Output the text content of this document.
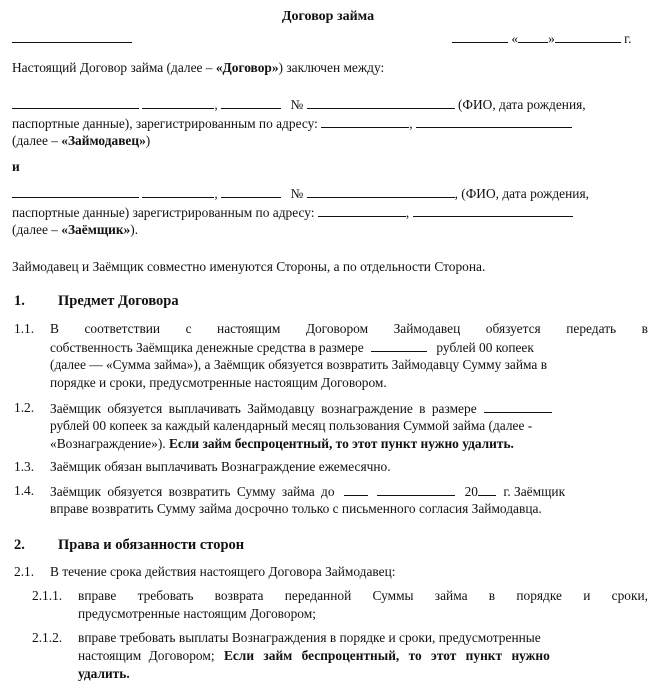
Договор займа
« »	г.
Настоящий Договор займа (далее – «Договор») заключен между:
,	№	(ФИО, дата рождения,
паспортные данные), зарегистрированным по адресу:	,
(далее – «Займодавец»)
и
,	№	, (ФИО, дата рождения,
паспортные данные) зарегистрированным по адресу:	,
(далее – «Заёмщик»).
Займодавец и Заёмщик совместно именуются Стороны, а по отдельности Сторона.
1. Предмет Договора
1.1. В соответствии с настоящим Договором Займодавец обязуется передать в
собственность Заёмщика денежные средства в размере	рублей 00 копеек
(далее — «Сумма займа»), а Заёмщик обязуется возвратить Займодавцу Сумму займа в
порядке и сроки, предусмотренные настоящим Договором.
1.2. Заёмщик обязуется выплачивать Займодавцу вознаграждение в размере
рублей 00 копеек за каждый календарный месяц пользования Суммой займа (далее -
«Вознаграждение»). Если займ беспроцентный, то этот пункт нужно удалить.
1.3. Заёмщик обязан выплачивать Вознаграждение ежемесячно.
1.4. Заёмщик обязуется возвратить Сумму займа до	20 г. Заёмщик
вправе возвратить Сумму займа досрочно только с письменного согласия Займодавца.
2. Права и обязанности сторон
2.1. В течение срока действия настоящего Договора Займодавец:
2.1.1. вправе требовать возврата переданной Суммы займа в порядке и сроки,
предусмотренные настоящим Договором;
2.1.2. вправе требовать выплаты Вознаграждения в порядке и сроки, предусмотренные
настоящим Договором; Если займ беспроцентный, то этот пункт нужно
удалить.
